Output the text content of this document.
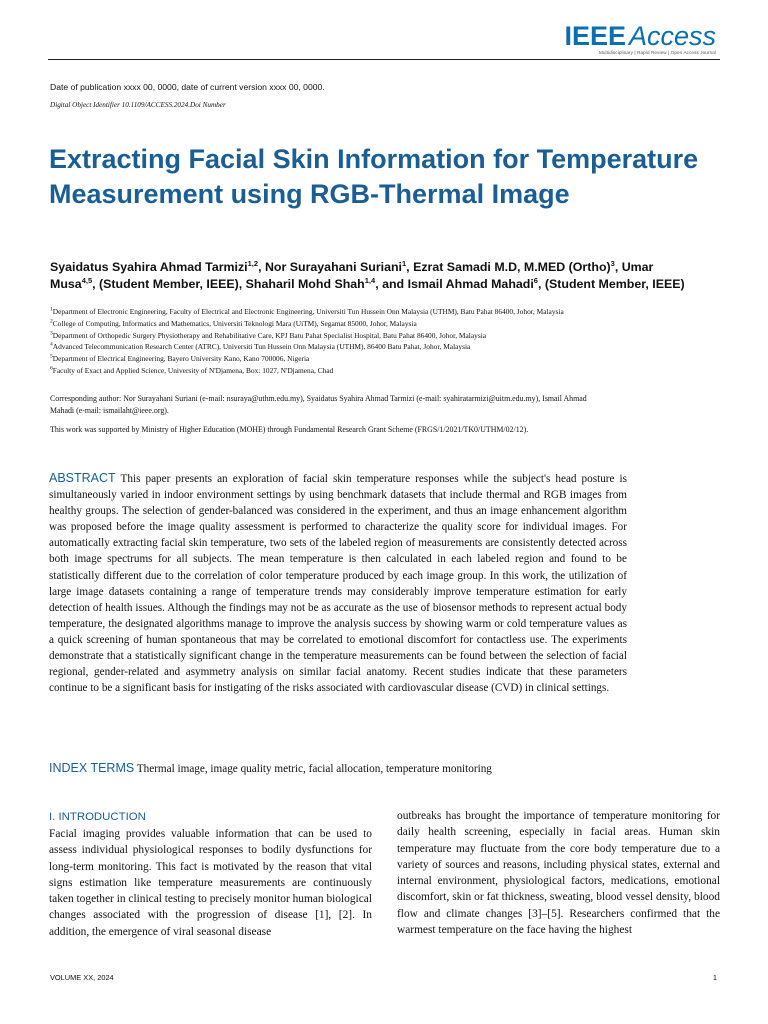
IEEE Access
Multidisciplinary | Rapid Review | Open Access Journal
Date of publication xxxx 00, 0000, date of current version xxxx 00, 0000.
Digital Object Identifier 10.1109/ACCESS.2024.Doi Number
Extracting Facial Skin Information for Temperature Measurement using RGB-Thermal Image
Syaidatus Syahira Ahmad Tarmizi$^{1,2}$, Nor Surayahani Suriani$^1$, Ezrat Samadi M.D, M.MED (Ortho)$^3$, Umar Musa$^{4,5}$, (Student Member, IEEE), Shaharil Mohd Shah$^{1,4}$, and Ismail Ahmad Mahadi$^6$, (Student Member, IEEE)
$^1$Department of Electronic Engineering, Faculty of Electrical and Electronic Engineering, Universiti Tun Hussein Onn Malaysia (UTHM), Batu Pahat 86400, Johor, Malaysia
$^2$College of Computing, Informatics and Mathematics, Universiti Teknologi Mara (UiTM), Segamat 85000, Johor, Malaysia
$^3$Department of Orthopedic Surgery Physiotherapy and Rehabilitative Care, KPJ Batu Pahat Specialist Hospital, Batu Pahat 86400, Johor, Malaysia
$^4$Advanced Telecommunication Research Center (ATRC), Universiti Tun Hussein Onn Malaysia (UTHM), 86400 Batu Pahat, Johor, Malaysia
$^5$Department of Electrical Engineering, Bayero University Kano, Kano 700006, Nigeria
$^6$Faculty of Exact and Applied Science, University of N'Djamena, Box: 1027, N'Djamena, Chad
Corresponding author: Nor Surayahani Suriani (e-mail: nsuraya@uthm.edu.my), Syaidatus Syahira Ahmad Tarmizi (e-mail: syahiratarmizi@uitm.edu.my), Ismail Ahmad Mahadi (e-mail: ismailaht@ieee.org).
This work was supported by Ministry of Higher Education (MOHE) through Fundamental Research Grant Scheme (FRGS/1/2021/TK0/UTHM/02/12).

ABSTRACT This paper presents an exploration of facial skin temperature responses while the subject's head posture is simultaneously varied in indoor environment settings by using benchmark datasets that include thermal and RGB images from healthy groups. The selection of gender-balanced was considered in the experiment, and thus an image enhancement algorithm was proposed before the image quality assessment is performed to characterize the quality score for individual images. For automatically extracting facial skin temperature, two sets of the labeled region of measurements are consistently detected across both image spectrums for all subjects. The mean temperature is then calculated in each labeled region and found to be statistically different due to the correlation of color temperature produced by each image group. In this work, the utilization of large image datasets containing a range of temperature trends may considerably improve temperature estimation for early detection of health issues. Although the findings may not be as accurate as the use of biosensor methods to represent actual body temperature, the designated algorithms manage to improve the analysis success by showing warm or cold temperature values as a quick screening of human spontaneous that may be correlated to emotional discomfort for contactless use. The experiments demonstrate that a statistically significant change in the temperature measurements can be found between the selection of facial regional, gender-related and asymmetry analysis on similar facial anatomy. Recent studies indicate that these parameters continue to be a significant basis for instigating of the risks associated with cardiovascular disease (CVD) in clinical settings.

INDEX TERMS Thermal image, image quality metric, facial allocation, temperature monitoring
I. INTRODUCTION
Facial imaging provides valuable information that can be used to assess individual physiological responses to bodily dysfunctions for long-term monitoring. This fact is motivated by the reason that vital signs estimation like temperature measurements are continuously taken together in clinical testing to precisely monitor human biological changes associated with the progression of disease [1], [2]. In addition, the emergence of viral seasonal disease
outbreaks has brought the importance of temperature monitoring for daily health screening, especially in facial areas. Human skin temperature may fluctuate from the core body temperature due to a variety of sources and reasons, including physical states, external and internal environment, physiological factors, medications, emotional discomfort, skin or fat thickness, sweating, blood vessel density, blood flow and climate changes [3]–[5]. Researchers confirmed that the warmest temperature on the face having the highest
VOLUME XX, 2024	1
